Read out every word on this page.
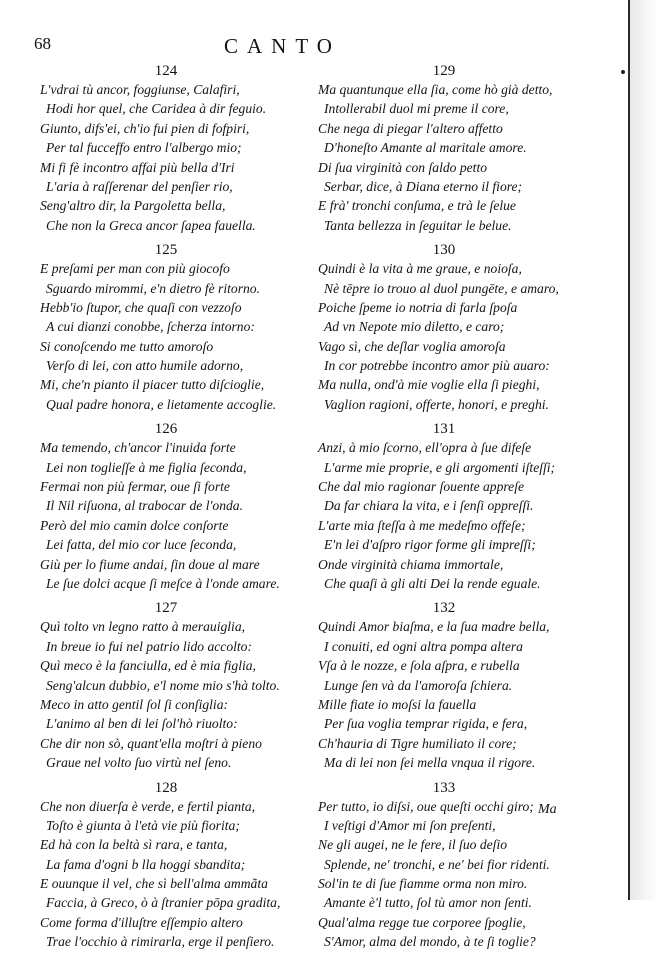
68	CANTO
124
L'vdrai tù ancor, foggiunse, Calafiri,
Hodi hor quel, che Caridea à dir feguio.
Giunto, difs'ei, ch'io fui pien di fofpiri,
Per tal fucceffo entro l'albergo mio;
Mi fi fè incontro affai più bella d'Iri
L'aria à raſſerenar del penſier rio,
Seng'altro dir, la Pargoletta bella,
Che non la Greca ancor ſapea fauella.
125
E preſami per man con più giocofo
Sguardo mirommi, e'n dietro fè ritorno.
Hebb'io ſtupor, che quaſi con vezzoſo
A cui dianzi conobbe, ſcherza intorno:
Si conoſcendo me tutto amoroſo
Verſo di lei, con atto humile adorno,
Mi, che'n pianto il piacer tutto diſcioglie,
Qual padre honora, e lietamente accoglie.
126
Ma temendo, ch'ancor l'inuida forte
Lei non toglieſſe à me figlia ſeconda,
Fermai non più fermar, oue ſi forte
Il Nil riſuona, al trabocar de l'onda.
Però del mio camin dolce conſorte
Lei fatta, del mio cor luce ſeconda,
Giù per lo fiume andai, ſin doue al mare
Le ſue dolci acque ſi meſce à l'onde amare.
127
Quì tolto vn legno ratto à merauiglia,
In breue io fui nel patrio lido accolto:
Quì meco è la fanciulla, ed è mia figlia,
Seng'alcun dubbio, e'l nome mio s'hà tolto.
Meco in atto gentil ſol ſi conſiglia:
L'animo al ben di lei ſol'hò riuolto:
Che dir non sò, quant'ella moſtri à pieno
Graue nel volto ſuo virtù nel ſeno.
128
Che non diuerſa è verde, e fertil pianta,
Toſto è giunta à l'età vie più fiorita;
Ed hà con la beltà sì rara, e tanta,
La fama d'ogni b lla hoggi sbandita;
E ouunque il vel, che sì bell'alma ammãta
Faccia, à Greco, ò à ſtranier pōpa gradita,
Come forma d'illuſtre eſſempio altero
Trae l'occhio à rimirarla, erge il penſiero.
129
Ma quantunque ella ſia, come hò già detto,
Intollerabil duol mi preme il core,
Che nega di piegar l'altero affetto
D'honeſto Amante al maritale amore.
Di ſua virginità con ſaldo petto
Serbar, dice, à Diana eterno il fiore;
E frà' tronchi conſuma, e trà le ſelue
Tanta bellezza in ſeguitar le belue.
130
Quindi è la vita à me graue, e noioſa,
Nè tēpre io trouo al duol pungēte, e amaro,
Poiche ſpeme io notria di farla ſpoſa
Ad vn Nepote mio diletto, e caro;
Vago sì, che deſlar voglia amoroſa
In cor potrebbe incontro amor più auaro:
Ma nulla, ond'à mie voglie ella ſi pieghi,
Vaglion ragioni, offerte, honori, e preghi.
131
Anzi, à mio ſcorno, ell'opra à ſue difeſe
L'arme mie proprie, e gli argomenti iſteſſi;
Che dal mio ragionar ſouente appreſe
Da far chiara la vita, e i ſenſi oppreſſi.
L'arte mia ſteſſa à me medeſmo offeſe;
E'n lei d'aſpro rigor forme gli impreſſi;
Onde virginità chiama immortale,
Che quaſi à gli alti Dei la rende eguale.
132
Quindi Amor biaſma, e la ſua madre bella,
I conuiti, ed ogni altra pompa altera
Vſa à le nozze, e ſola aſpra, e rubella
Lunge ſen và da l'amoroſa ſchiera.
Mille fiate io moſsi la fauella
Per ſua voglia temprar rigida, e fera,
Ch'hauria di Tigre humiliato il core;
Ma di lei non ſei mella vnqua il rigore.
133
Per tutto, io diſsi, oue queſti occhi giro;
I veſtigi d'Amor mi ſon preſenti,
Ne gli augei, ne le fere, il ſuo deſio
Splende, ne' tronchi, e ne' bei fior ridenti.
Sol'in te di ſue fiamme orma non miro.
Amante è'l tutto, ſol tù amor non ſenti.
Qual'alma regge tue corporee ſpoglie,
S'Amor, alma del mondo, à te ſi toglie?
Ma
